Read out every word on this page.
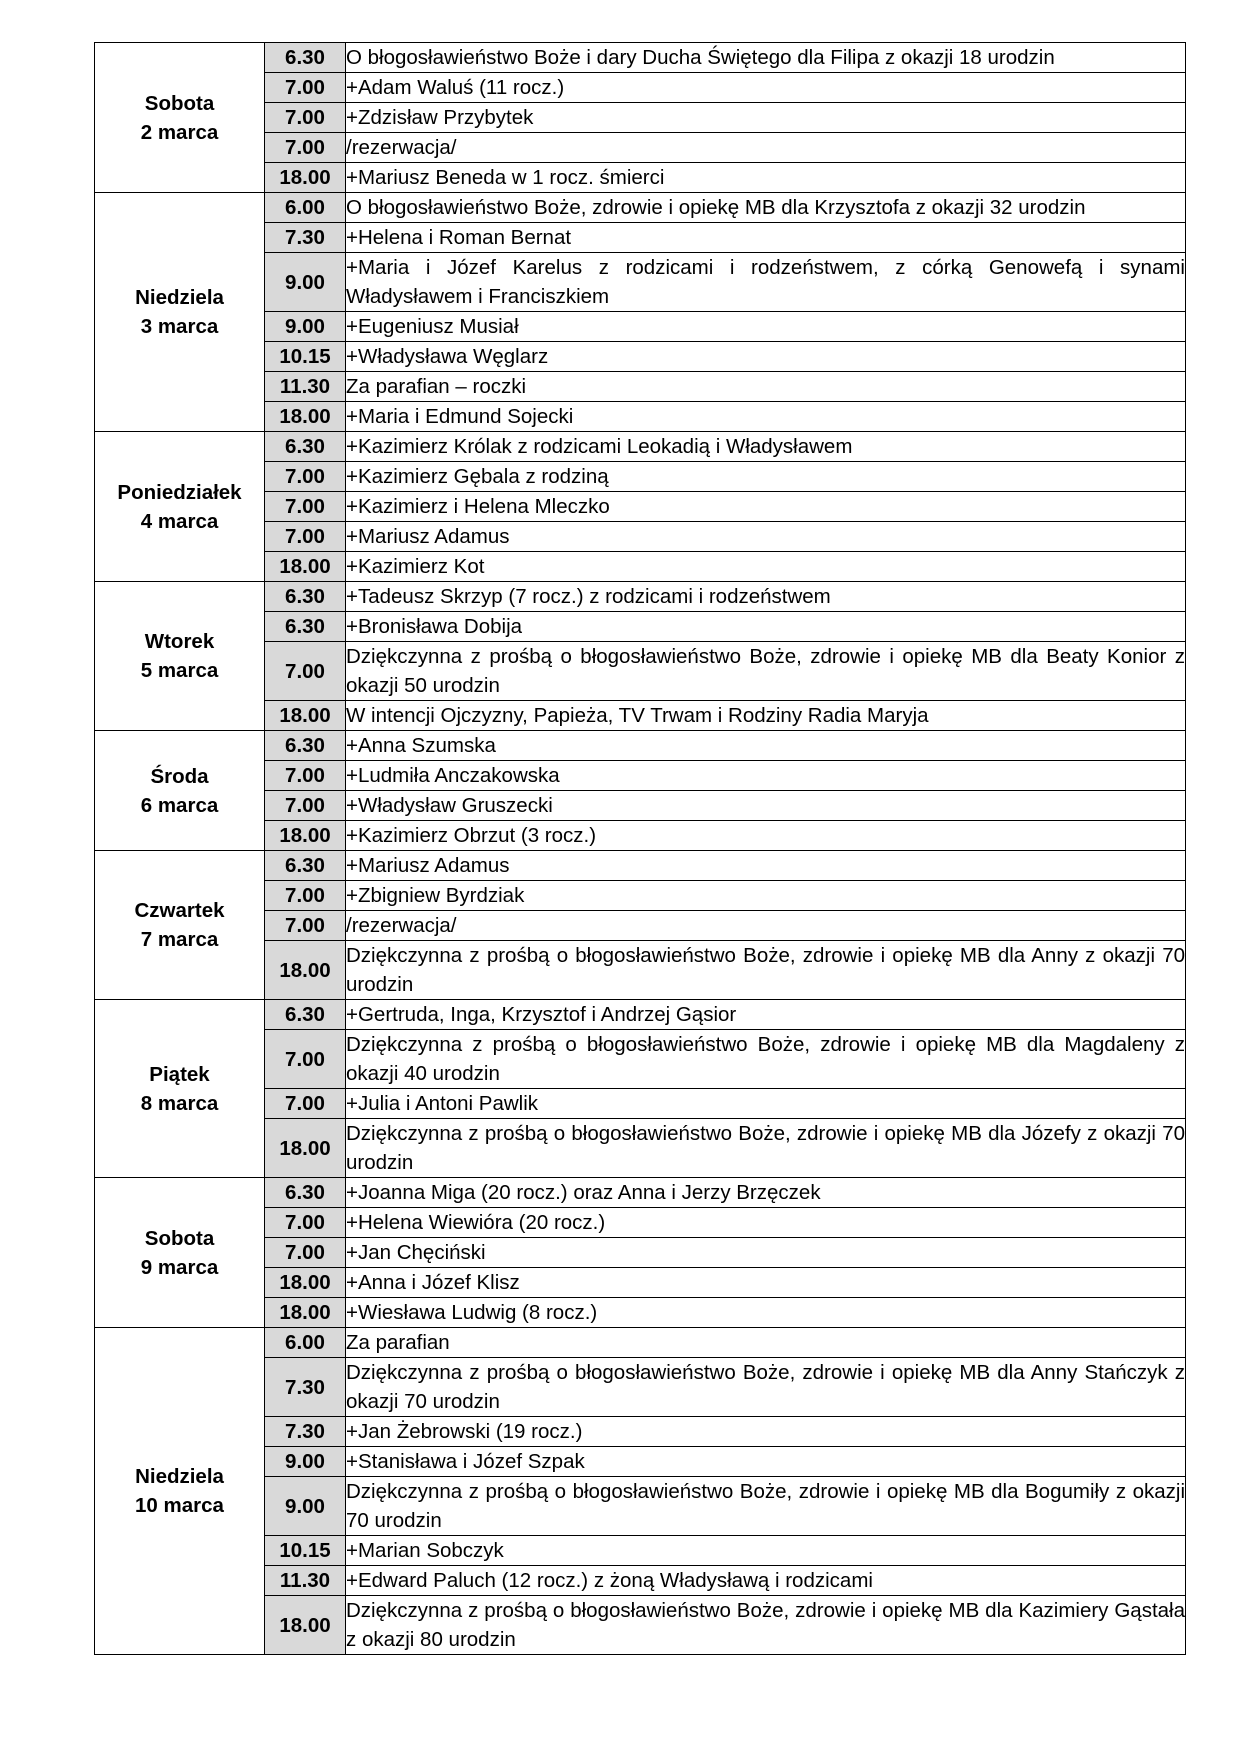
Sobota
2 marca	6.30	O błogosławieństwo Boże i dary Ducha Świętego dla Filipa z okazji 18 urodzin
	7.00	+Adam Waluś (11 rocz.)
	7.00	+Zdzisław Przybytek
	7.00	/rezerwacja/
	18.00	+Mariusz Beneda w 1 rocz. śmierci

Niedziela
3 marca	6.00	O błogosławieństwo Boże, zdrowie i opiekę MB dla Krzysztofa z okazji 32 urodzin
	7.30	+Helena i Roman Bernat
	9.00	+Maria i Józef Karelus z rodzicami i rodzeństwem, z córką Genowefą i synami Władysławem i Franciszkiem
	9.00	+Eugeniusz Musiał
	10.15	+Władysława Węglarz
	11.30	Za parafian – roczki
	18.00	+Maria i Edmund Sojecki

Poniedziałek
4 marca	6.30	+Kazimierz Królak z rodzicami Leokadią i Władysławem
	7.00	+Kazimierz Gębala z rodziną
	7.00	+Kazimierz i Helena Mleczko
	7.00	+Mariusz Adamus
	18.00	+Kazimierz Kot

Wtorek
5 marca	6.30	+Tadeusz Skrzyp (7 rocz.) z rodzicami i rodzeństwem
	6.30	+Bronisława Dobija
	7.00	Dziękczynna z prośbą o błogosławieństwo Boże, zdrowie i opiekę MB dla Beaty Konior z okazji 50 urodzin
	18.00	W intencji Ojczyzny, Papieża, TV Trwam i Rodziny Radia Maryja

Środa
6 marca	6.30	+Anna Szumska
	7.00	+Ludmiła Anczakowska
	7.00	+Władysław Gruszecki
	18.00	+Kazimierz Obrzut (3 rocz.)

Czwartek
7 marca	6.30	+Mariusz Adamus
	7.00	+Zbigniew Byrdziak
	7.00	/rezerwacja/
	18.00	Dziękczynna z prośbą o błogosławieństwo Boże, zdrowie i opiekę MB dla Anny z okazji 70 urodzin

Piątek
8 marca	6.30	+Gertruda, Inga, Krzysztof i Andrzej Gąsior
	7.00	Dziękczynna z prośbą o błogosławieństwo Boże, zdrowie i opiekę MB dla Magdaleny z okazji 40 urodzin
	7.00	+Julia i Antoni Pawlik
	18.00	Dziękczynna z prośbą o błogosławieństwo Boże, zdrowie i opiekę MB dla Józefy z okazji 70 urodzin

Sobota
9 marca	6.30	+Joanna Miga (20 rocz.) oraz Anna i Jerzy Brzęczek
	7.00	+Helena Wiewióra (20 rocz.)
	7.00	+Jan Chęciński
	18.00	+Anna i Józef Klisz
	18.00	+Wiesława Ludwig (8 rocz.)

Niedziela
10 marca	6.00	Za parafian
	7.30	Dziękczynna z prośbą o błogosławieństwo Boże, zdrowie i opiekę MB dla Anny Stańczyk z okazji 70 urodzin
	7.30	+Jan Żebrowski (19 rocz.)
	9.00	+Stanisława i Józef Szpak
	9.00	Dziękczynna z prośbą o błogosławieństwo Boże, zdrowie i opiekę MB dla Bogumiły z okazji 70 urodzin
	10.15	+Marian Sobczyk
	11.30	+Edward Paluch (12 rocz.) z żoną Władysławą i rodzicami
	18.00	Dziękczynna z prośbą o błogosławieństwo Boże, zdrowie i opiekę MB dla Kazimiery Gąstała z okazji 80 urodzin
